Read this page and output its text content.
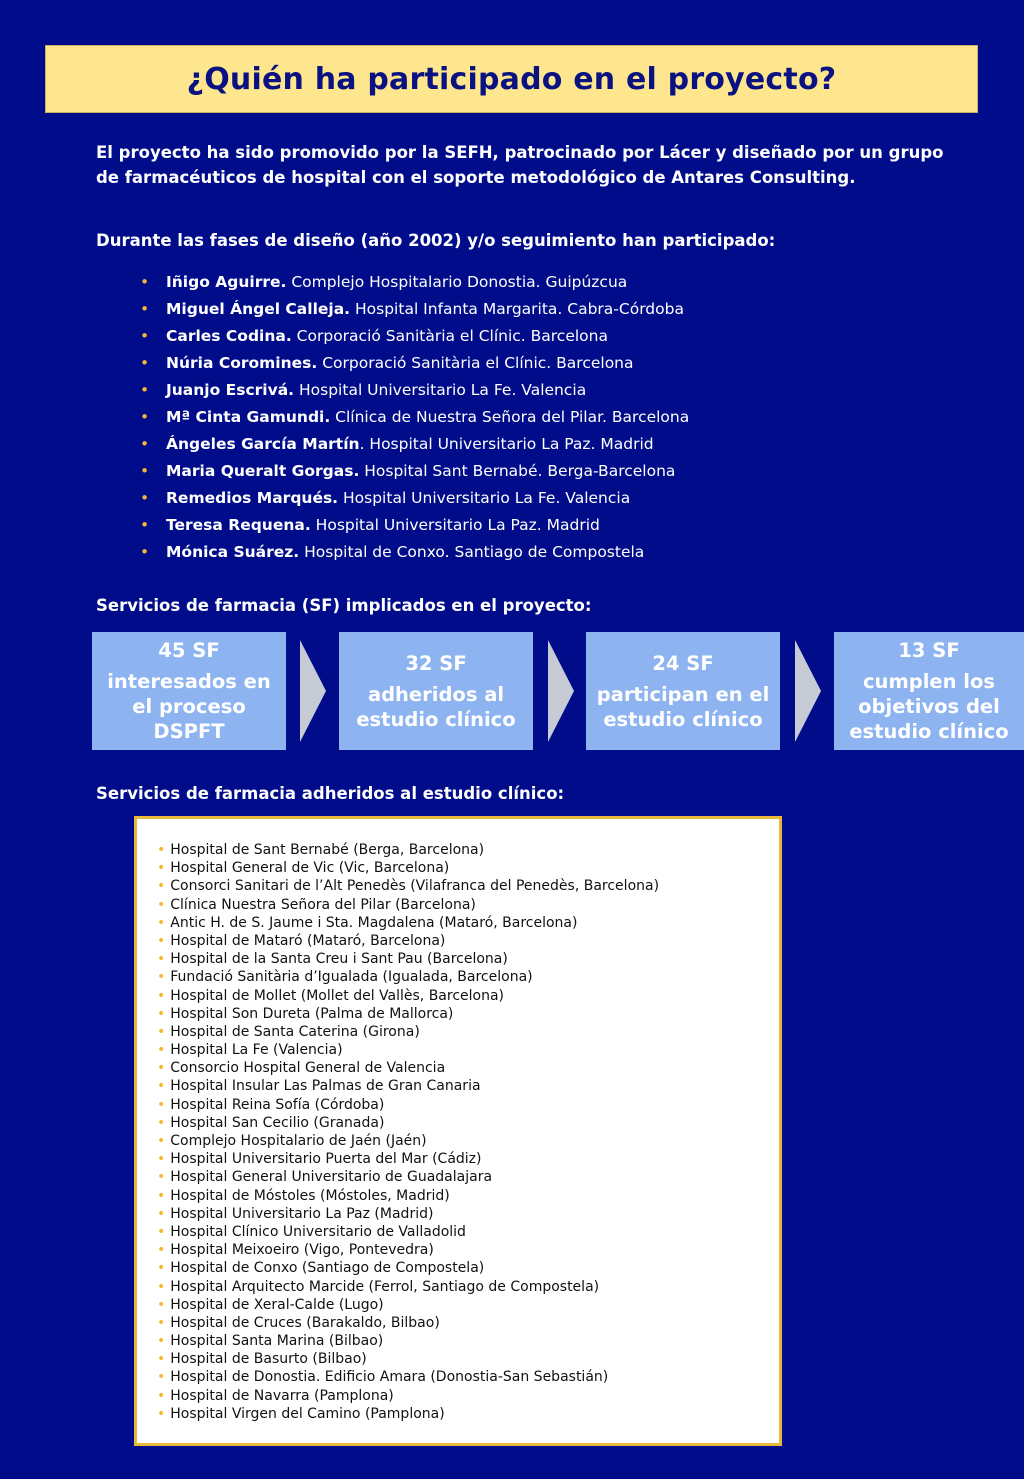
¿Quién ha participado en el proyecto?

El proyecto ha sido promovido por la SEFH, patrocinado por Lácer y diseñado por un grupo de farmacéuticos de hospital con el soporte metodológico de Antares Consulting.

Durante las fases de diseño (año 2002) y/o seguimiento han participado:

• Iñigo Aguirre. Complejo Hospitalario Donostia. Guipúzcua
• Miguel Ángel Calleja. Hospital Infanta Margarita. Cabra-Córdoba
• Carles Codina. Corporació Sanitària el Clínic. Barcelona
• Núria Coromines. Corporació Sanitària el Clínic. Barcelona
• Juanjo Escrivá. Hospital Universitario La Fe. Valencia
• Mª Cinta Gamundi. Clínica de Nuestra Señora del Pilar. Barcelona
• Ángeles García Martín. Hospital Universitario La Paz. Madrid
• Maria Queralt Gorgas. Hospital Sant Bernabé. Berga-Barcelona
• Remedios Marqués. Hospital Universitario La Fe. Valencia
• Teresa Requena. Hospital Universitario La Paz. Madrid
• Mónica Suárez. Hospital de Conxo. Santiago de Compostela

Servicios de farmacia (SF) implicados en el proyecto:

45 SF
interesados en el proceso DSPFT
32 SF
adheridos al estudio clínico
24 SF
participan en el estudio clínico
13 SF
cumplen los objetivos del estudio clínico

Servicios de farmacia adheridos al estudio clínico:

• Hospital de Sant Bernabé (Berga, Barcelona)
• Hospital General de Vic (Vic, Barcelona)
• Consorci Sanitari de l’Alt Penedès (Vilafranca del Penedès, Barcelona)
• Clínica Nuestra Señora del Pilar (Barcelona)
• Antic H. de S. Jaume i Sta. Magdalena (Mataró, Barcelona)
• Hospital de Mataró (Mataró, Barcelona)
• Hospital de la Santa Creu i Sant Pau (Barcelona)
• Fundació Sanitària d’Igualada (Igualada, Barcelona)
• Hospital de Mollet (Mollet del Vallès, Barcelona)
• Hospital Son Dureta (Palma de Mallorca)
• Hospital de Santa Caterina (Girona)
• Hospital La Fe (Valencia)
• Consorcio Hospital General de Valencia
• Hospital Insular Las Palmas de Gran Canaria
• Hospital Reina Sofía (Córdoba)
• Hospital San Cecilio (Granada)
• Complejo Hospitalario de Jaén (Jaén)
• Hospital Universitario Puerta del Mar (Cádiz)
• Hospital General Universitario de Guadalajara
• Hospital de Móstoles (Móstoles, Madrid)
• Hospital Universitario La Paz (Madrid)
• Hospital Clínico Universitario de Valladolid
• Hospital Meixoeiro (Vigo, Pontevedra)
• Hospital de Conxo (Santiago de Compostela)
• Hospital Arquitecto Marcide (Ferrol, Santiago de Compostela)
• Hospital de Xeral-Calde (Lugo)
• Hospital de Cruces (Barakaldo, Bilbao)
• Hospital Santa Marina (Bilbao)
• Hospital de Basurto (Bilbao)
• Hospital de Donostia. Edificio Amara (Donostia-San Sebastián)
• Hospital de Navarra (Pamplona)
• Hospital Virgen del Camino (Pamplona)
